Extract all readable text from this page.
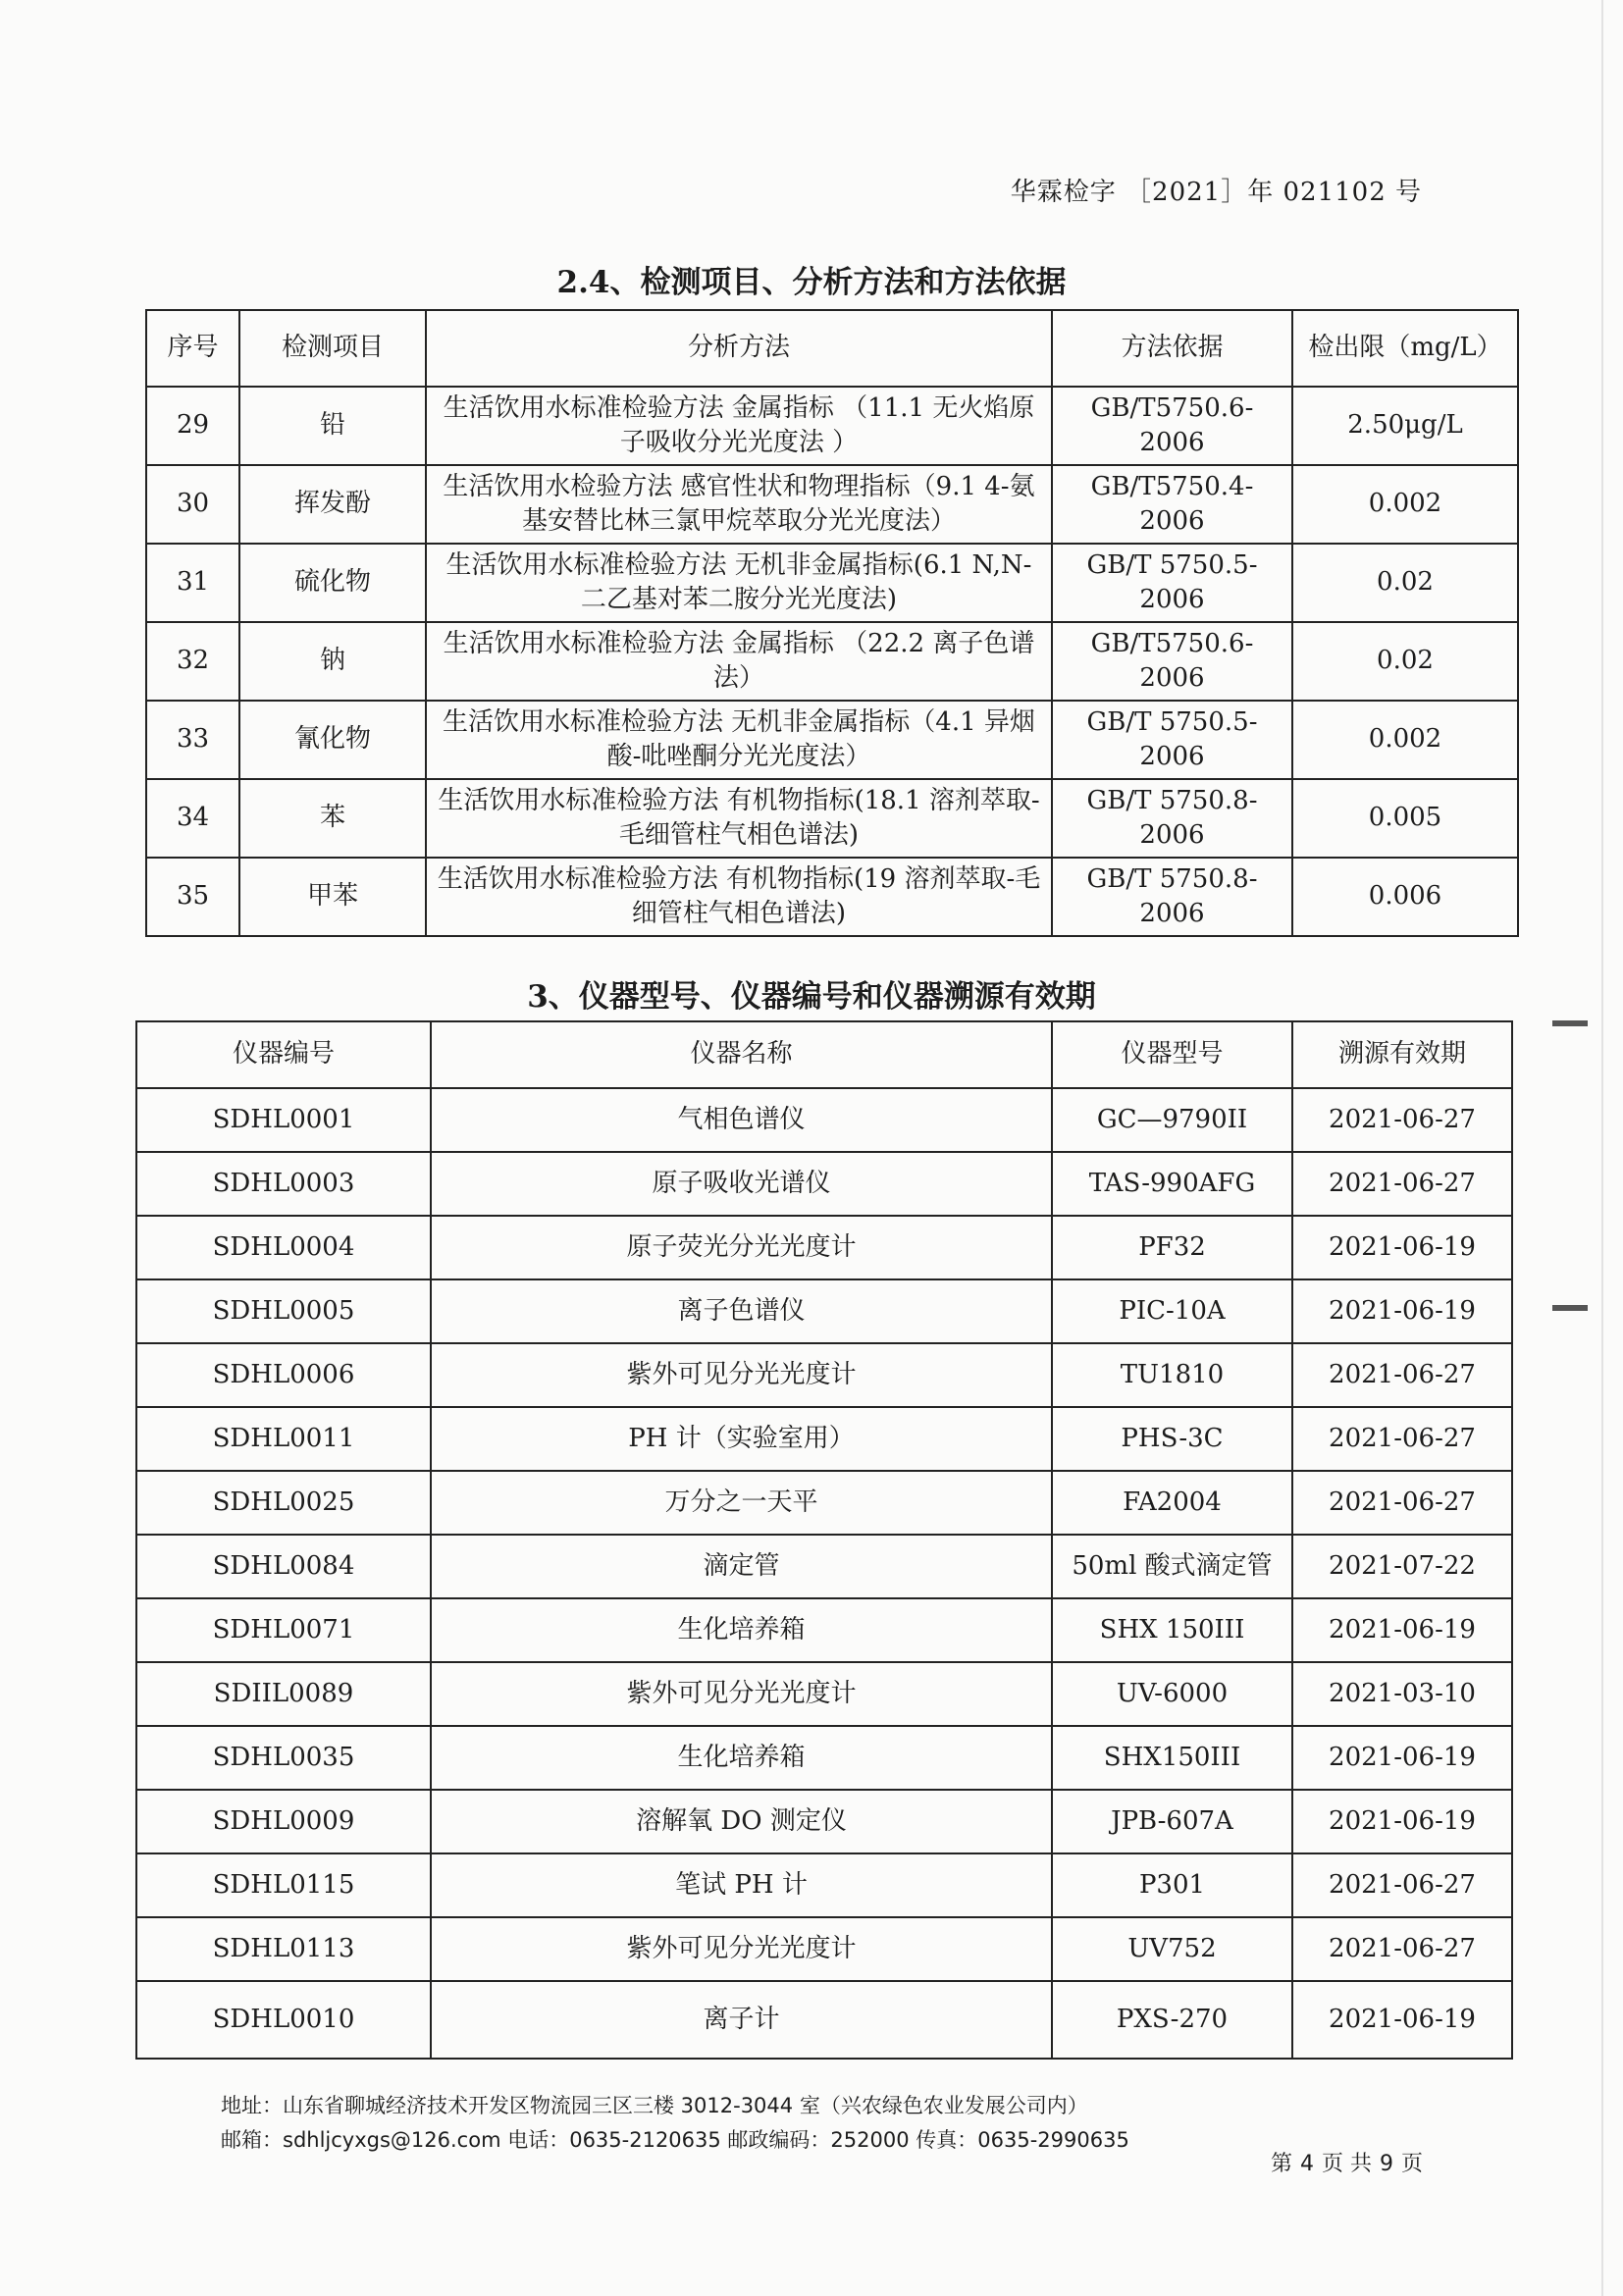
华霖检字 ［2021］年 021102 号
2.4、检测项目、分析方法和方法依据
序号	检测项目	分析方法	方法依据	检出限（mg/L）
29	铅	生活饮用水标准检验方法 金属指标 （11.1 无火焰原子吸收分光光度法 ）	GB/T5750.6-2006	2.50μg/L
30	挥发酚	生活饮用水检验方法 感官性状和物理指标（9.1 4-氨基安替比林三氯甲烷萃取分光光度法）	GB/T5750.4-2006	0.002
31	硫化物	生活饮用水标准检验方法 无机非金属指标(6.1 N,N- 二乙基对苯二胺分光光度法)	GB/T 5750.5-2006	0.02
32	钠	生活饮用水标准检验方法 金属指标 （22.2 离子色谱法）	GB/T5750.6-2006	0.02
33	氰化物	生活饮用水标准检验方法 无机非金属指标（4.1 异烟酸-吡唑酮分光光度法）	GB/T 5750.5-2006	0.002
34	苯	生活饮用水标准检验方法 有机物指标(18.1 溶剂萃取-毛细管柱气相色谱法)	GB/T 5750.8-2006	0.005
35	甲苯	生活饮用水标准检验方法 有机物指标(19 溶剂萃取-毛细管柱气相色谱法)	GB/T 5750.8-2006	0.006
3、仪器型号、仪器编号和仪器溯源有效期
仪器编号	仪器名称	仪器型号	溯源有效期
SDHL0001	气相色谱仪	GC—9790II	2021-06-27
SDHL0003	原子吸收光谱仪	TAS-990AFG	2021-06-27
SDHL0004	原子荧光分光光度计	PF32	2021-06-19
SDHL0005	离子色谱仪	PIC-10A	2021-06-19
SDHL0006	紫外可见分光光度计	TU1810	2021-06-27
SDHL0011	PH 计（实验室用）	PHS-3C	2021-06-27
SDHL0025	万分之一天平	FA2004	2021-06-27
SDHL0084	滴定管	50ml 酸式滴定管	2021-07-22
SDHL0071	生化培养箱	SHX 150III	2021-06-19
SDIIL0089	紫外可见分光光度计	UV-6000	2021-03-10
SDHL0035	生化培养箱	SHX150III	2021-06-19
SDHL0009	溶解氧 DO 测定仪	JPB-607A	2021-06-19
SDHL0115	笔试 PH 计	P301	2021-06-27
SDHL0113	紫外可见分光光度计	UV752	2021-06-27
SDHL0010	离子计	PXS-270	2021-06-19
地址：山东省聊城经济技术开发区物流园三区三楼 3012-3044 室（兴农绿色农业发展公司内）
邮箱：sdhljcyxgs@126.com 电话：0635-2120635 邮政编码：252000 传真：0635-2990635
第 4 页 共 9 页
